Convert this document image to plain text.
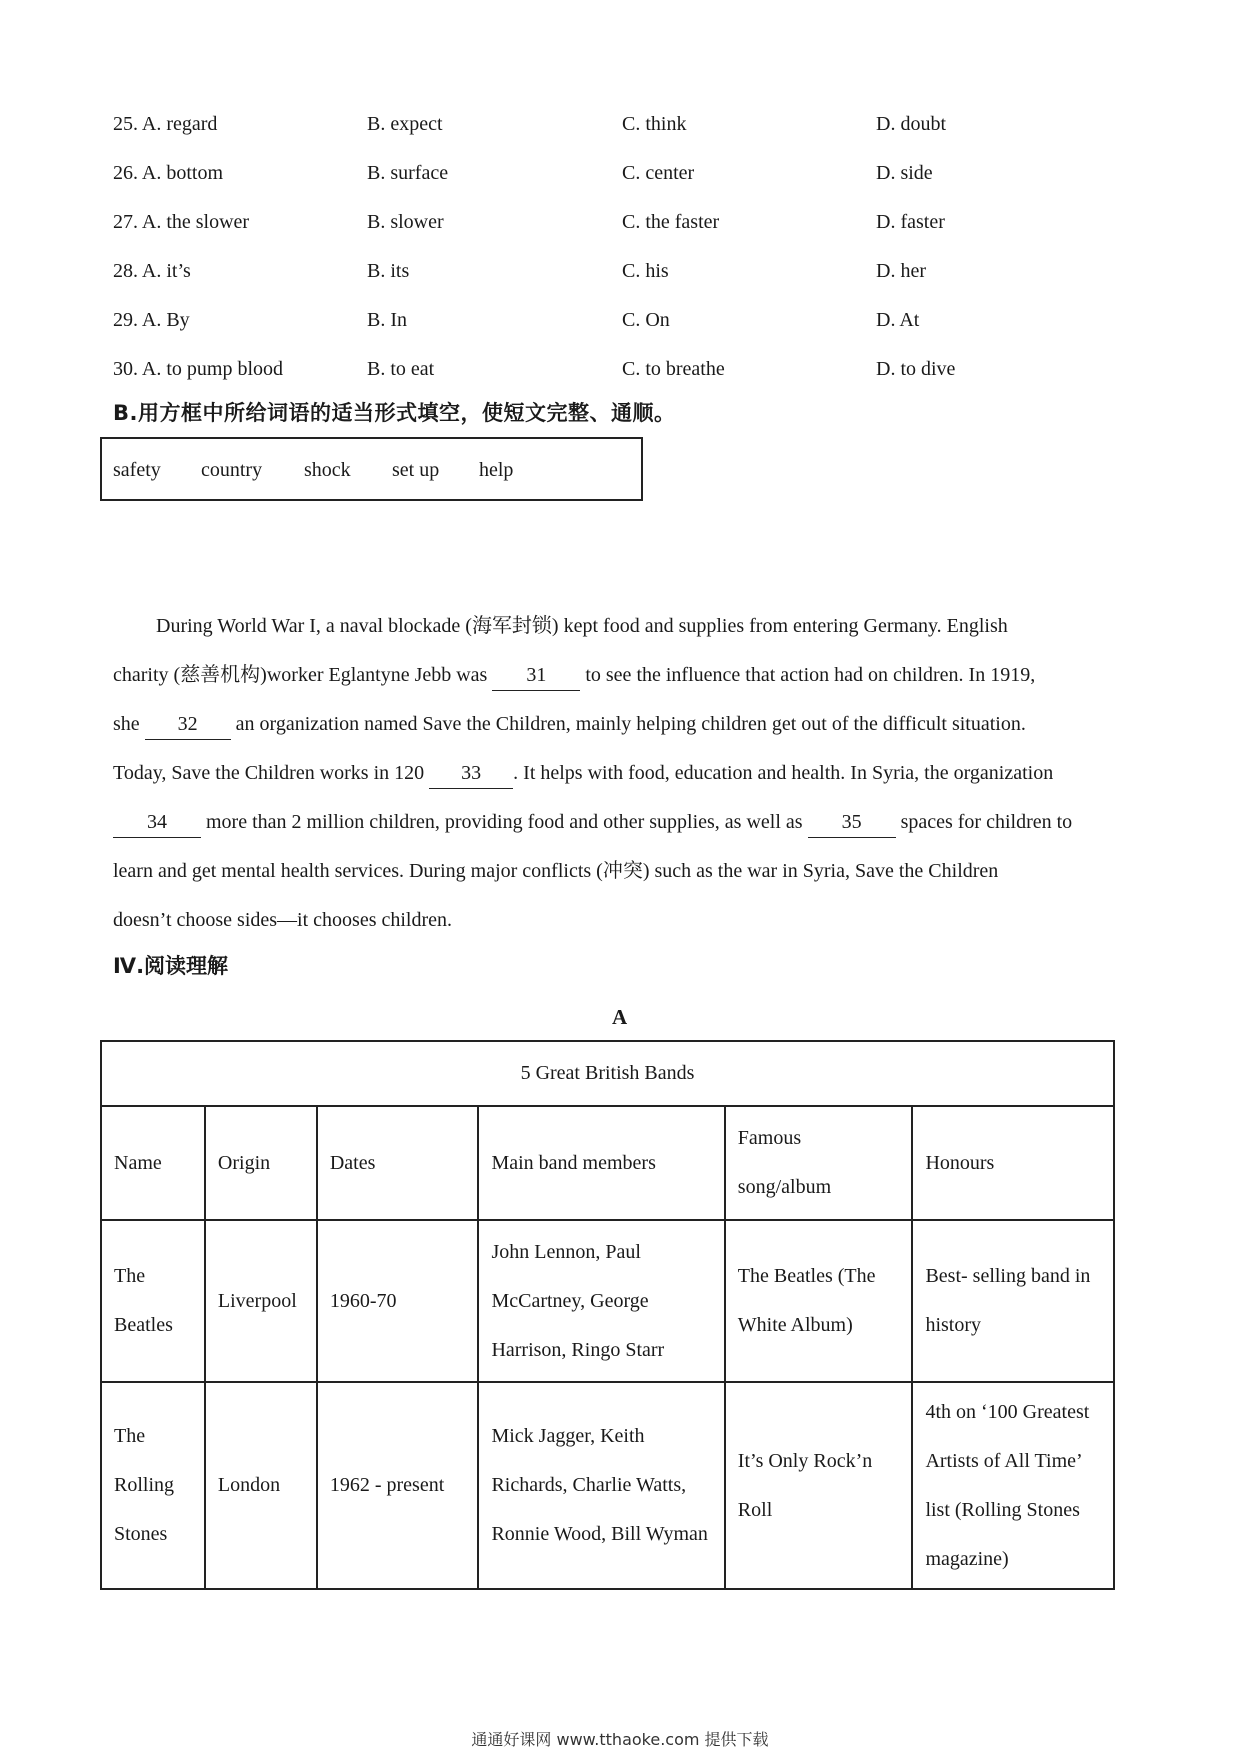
25. A. regard	B. expect	C. think	D. doubt
26. A. bottom	B. surface	C. center	D. side
27. A. the slower	B. slower	C. the faster	D. faster
28. A. it’s	B. its	C. his	D. her
29. A. By	B. In	C. On	D. At
30. A. to pump blood	B. to eat	C. to breathe	D. to dive
B.用方框中所给词语的适当形式填空，使短文完整、通顺。
safety country shock set up help
During World War I, a naval blockade (海军封锁) kept food and supplies from entering Germany. English
charity (慈善机构)worker Eglantyne Jebb was 31 to see the influence that action had on children. In 1919,
she 32 an organization named Save the Children, mainly helping children get out of the difficult situation.
Today, Save the Children works in 120 33 . It helps with food, education and health. In Syria, the organization
34 more than 2 million children, providing food and other supplies, as well as 35 spaces for children to
learn and get mental health services. During major conflicts (冲突) such as the war in Syria, Save the Children
doesn’t choose sides—it chooses children.
Ⅳ.阅读理解
A
5 Great British Bands					
Name	Origin	Dates	Main band members	Famous song/album	Honours
The Beatles	Liverpool	1960-70	John Lennon, Paul McCartney, George Harrison, Ringo Starr	The Beatles (The White Album)	Best- selling band in history
The Rolling Stones	London	1962 - present	Mick Jagger, Keith Richards, Charlie Watts, Ronnie Wood, Bill Wyman	It’s Only Rock’n Roll	4th on ‘100 Greatest Artists of All Time’ list (Rolling Stones magazine)
通通好课网 www.tthaoke.com 提供下载
